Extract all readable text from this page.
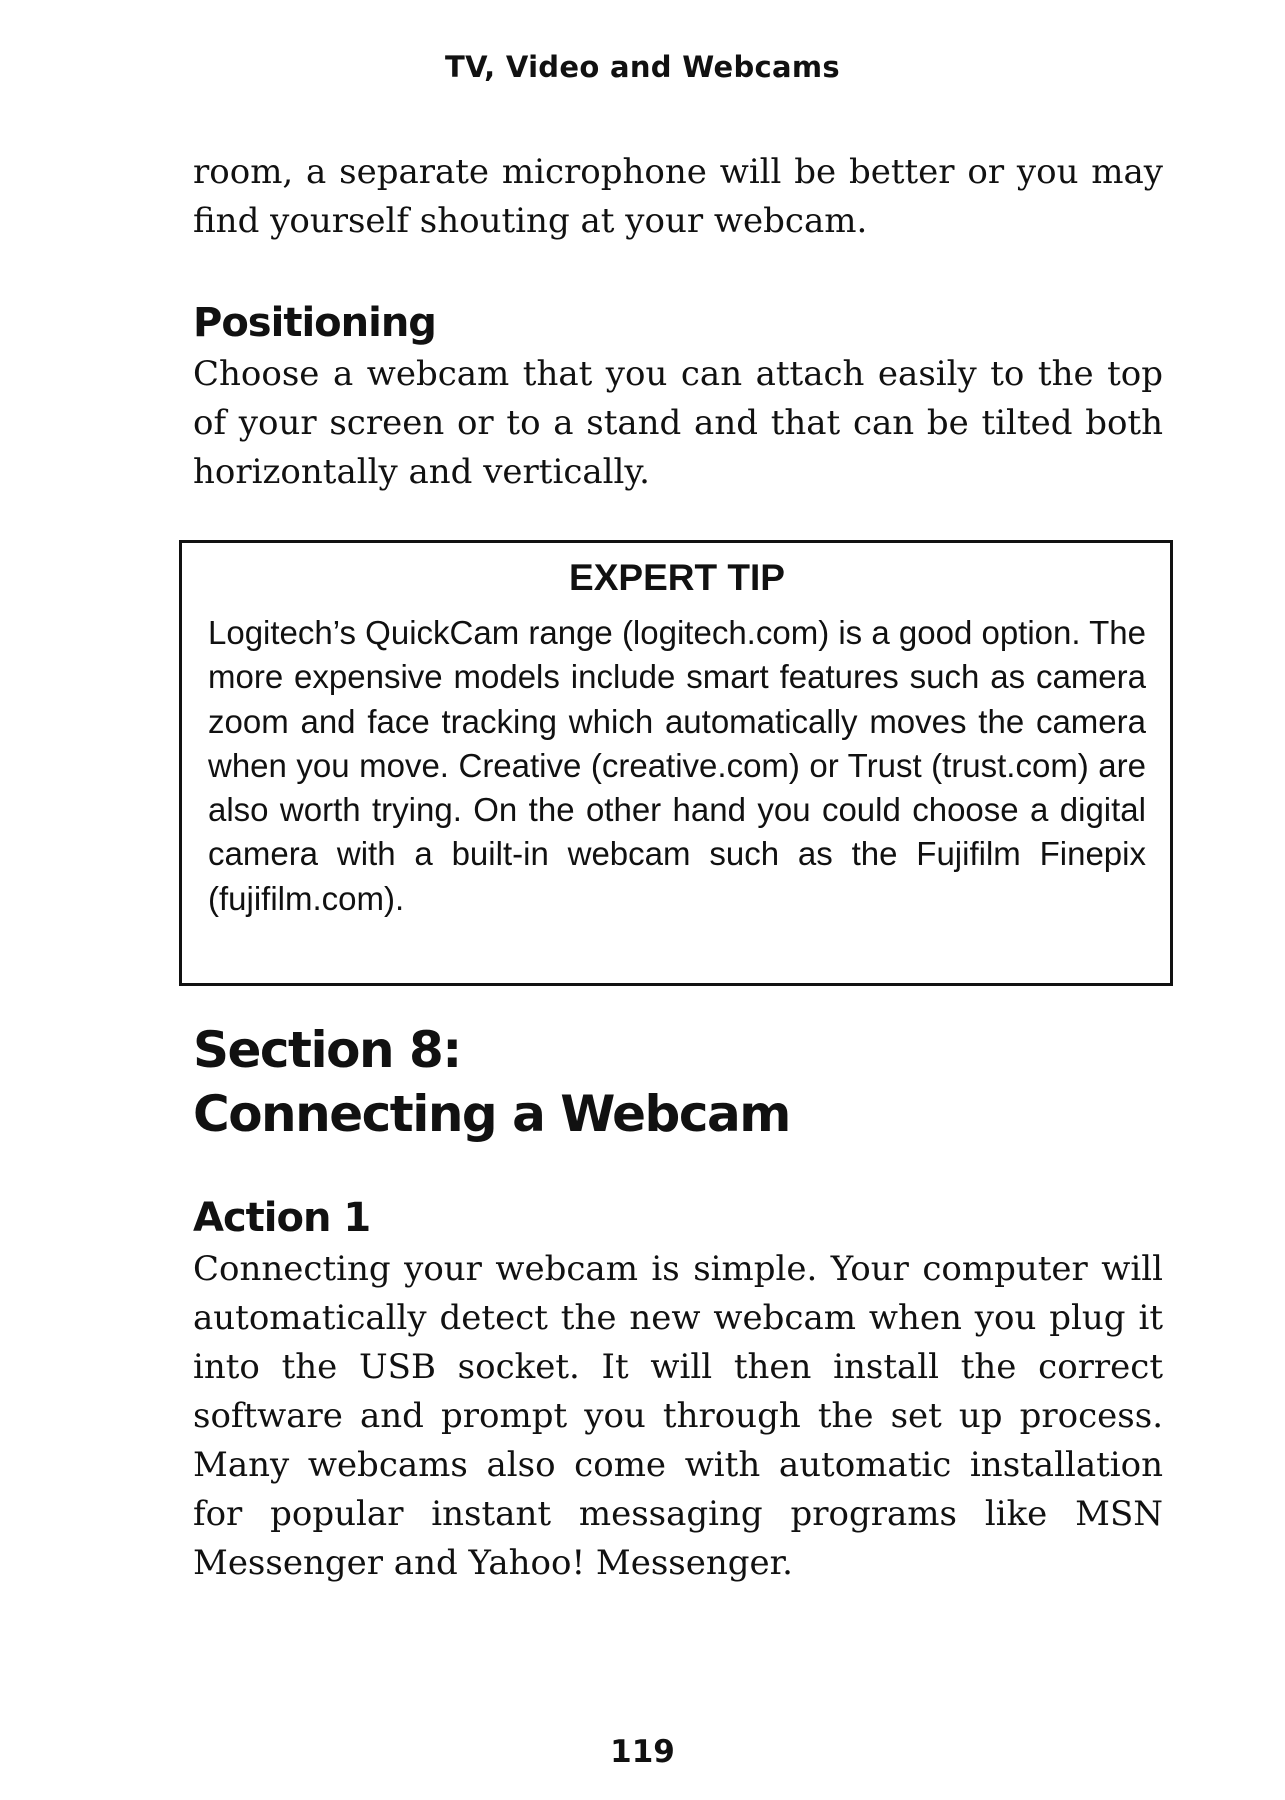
TV, Video and Webcams

room, a separate microphone will be better or you may find yourself shouting at your webcam.

Positioning

Choose a webcam that you can attach easily to the top of your screen or to a stand and that can be tilted both horizontally and vertically.

EXPERT TIP

Logitech’s QuickCam range (logitech.com) is a good option. The more expensive models include smart features such as camera zoom and face tracking which automatically moves the camera when you move. Creative (creative.com) or Trust (trust.com) are also worth trying. On the other hand you could choose a digital camera with a built-in webcam such as the Fujifilm Finepix (fujifilm.com).

Section 8:
Connecting a Webcam
Action 1

Connecting your webcam is simple. Your computer will automatically detect the new webcam when you plug it into the USB socket. It will then install the correct software and prompt you through the set up process. Many webcams also come with automatic installation for popular instant messaging programs like MSN Messenger and Yahoo! Messenger.

119
